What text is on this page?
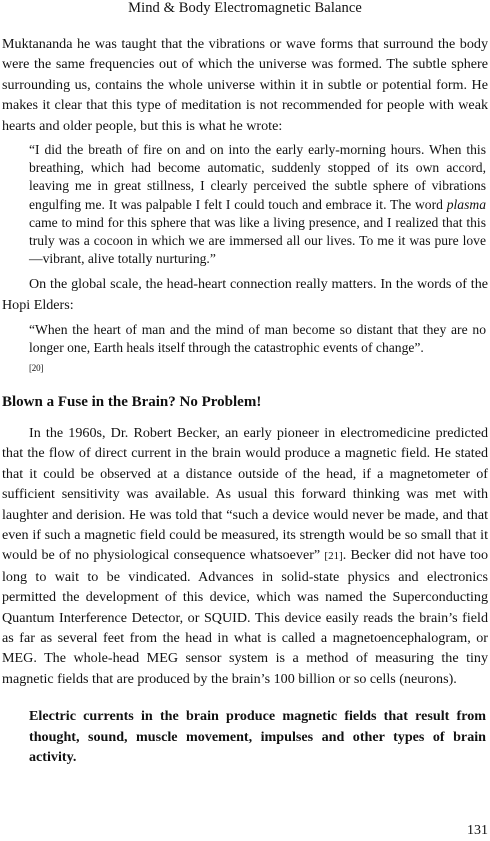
Mind & Body Electromagnetic Balance

Muktananda he was taught that the vibrations or wave forms that surround the body were the same frequencies out of which the universe was formed. The subtle sphere surrounding us, contains the whole universe within it in subtle or potential form. He makes it clear that this type of meditation is not recommended for people with weak hearts and older people, but this is what he wrote:

“I did the breath of fire on and on into the early early-morning hours. When this breathing, which had become automatic, suddenly stopped of its own accord, leaving me in great stillness, I clearly perceived the subtle sphere of vibrations engulfing me. It was palpable I felt I could touch and embrace it. The word plasma came to mind for this sphere that was like a living presence, and I realized that this truly was a cocoon in which we are immersed all our lives. To me it was pure love—vibrant, alive totally nurturing.”

On the global scale, the head-heart connection really matters. In the words of the Hopi Elders:

“When the heart of man and the mind of man become so distant that they are no longer one, Earth heals itself through the catastrophic events of change”.
[20]
Blown a Fuse in the Brain? No Problem!

In the 1960s, Dr. Robert Becker, an early pioneer in electromedicine predicted that the flow of direct current in the brain would produce a magnetic field. He stated that it could be observed at a distance outside of the head, if a magnetometer of sufficient sensitivity was available. As usual this forward thinking was met with laughter and derision. He was told that “such a device would never be made, and that even if such a magnetic field could be measured, its strength would be so small that it would be of no physiological consequence whatsoever” [21]. Becker did not have too long to wait to be vindicated. Advances in solid-state physics and electronics permitted the development of this device, which was named the Superconducting Quantum Interference Detector, or SQUID. This device easily reads the brain’s field as far as several feet from the head in what is called a magnetoencephalogram, or MEG. The whole-head MEG sensor system is a method of measuring the tiny magnetic fields that are produced by the brain’s 100 billion or so cells (neurons).

Electric currents in the brain produce magnetic fields that result from thought, sound, muscle movement, impulses and other types of brain activity.

131
